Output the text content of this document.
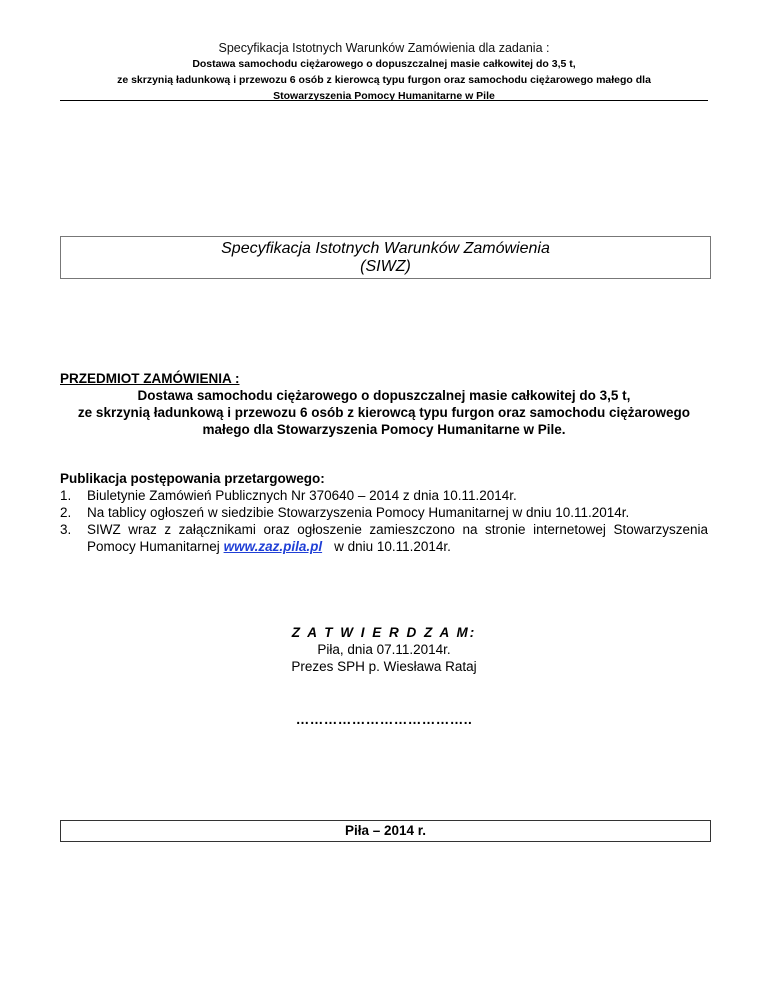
Specyfikacja Istotnych Warunków Zamówienia dla zadania :
Dostawa samochodu ciężarowego o dopuszczalnej masie całkowitej do 3,5 t,
ze skrzynią ładunkową i przewozu 6 osób z kierowcą typu furgon oraz samochodu ciężarowego małego dla
Stowarzyszenia Pomocy Humanitarne w Pile
Specyfikacja Istotnych Warunków Zamówienia
(SIWZ)
PRZEDMIOT ZAMÓWIENIA :
Dostawa samochodu ciężarowego o dopuszczalnej masie całkowitej do 3,5 t,
ze skrzynią ładunkową i przewozu 6 osób z kierowcą typu furgon oraz samochodu ciężarowego
małego dla Stowarzyszenia Pomocy Humanitarne w Pile.
Publikacja postępowania przetargowego:
1.	Biuletynie Zamówień Publicznych Nr 370640 – 2014 z dnia 10.11.2014r.
2.	Na tablicy ogłoszeń w siedzibie Stowarzyszenia Pomocy Humanitarnej w dniu 10.11.2014r.
3.	SIWZ wraz z załącznikami oraz ogłoszenie zamieszczono na stronie internetowej Stowarzyszenia Pomocy Humanitarnej www.zaz.pila.pl w dniu 10.11.2014r.
Z A T W I E R D Z A M:
Piła, dnia 07.11.2014r.
Prezes SPH p. Wiesława Rataj
………………………………..
Piła – 2014 r.
